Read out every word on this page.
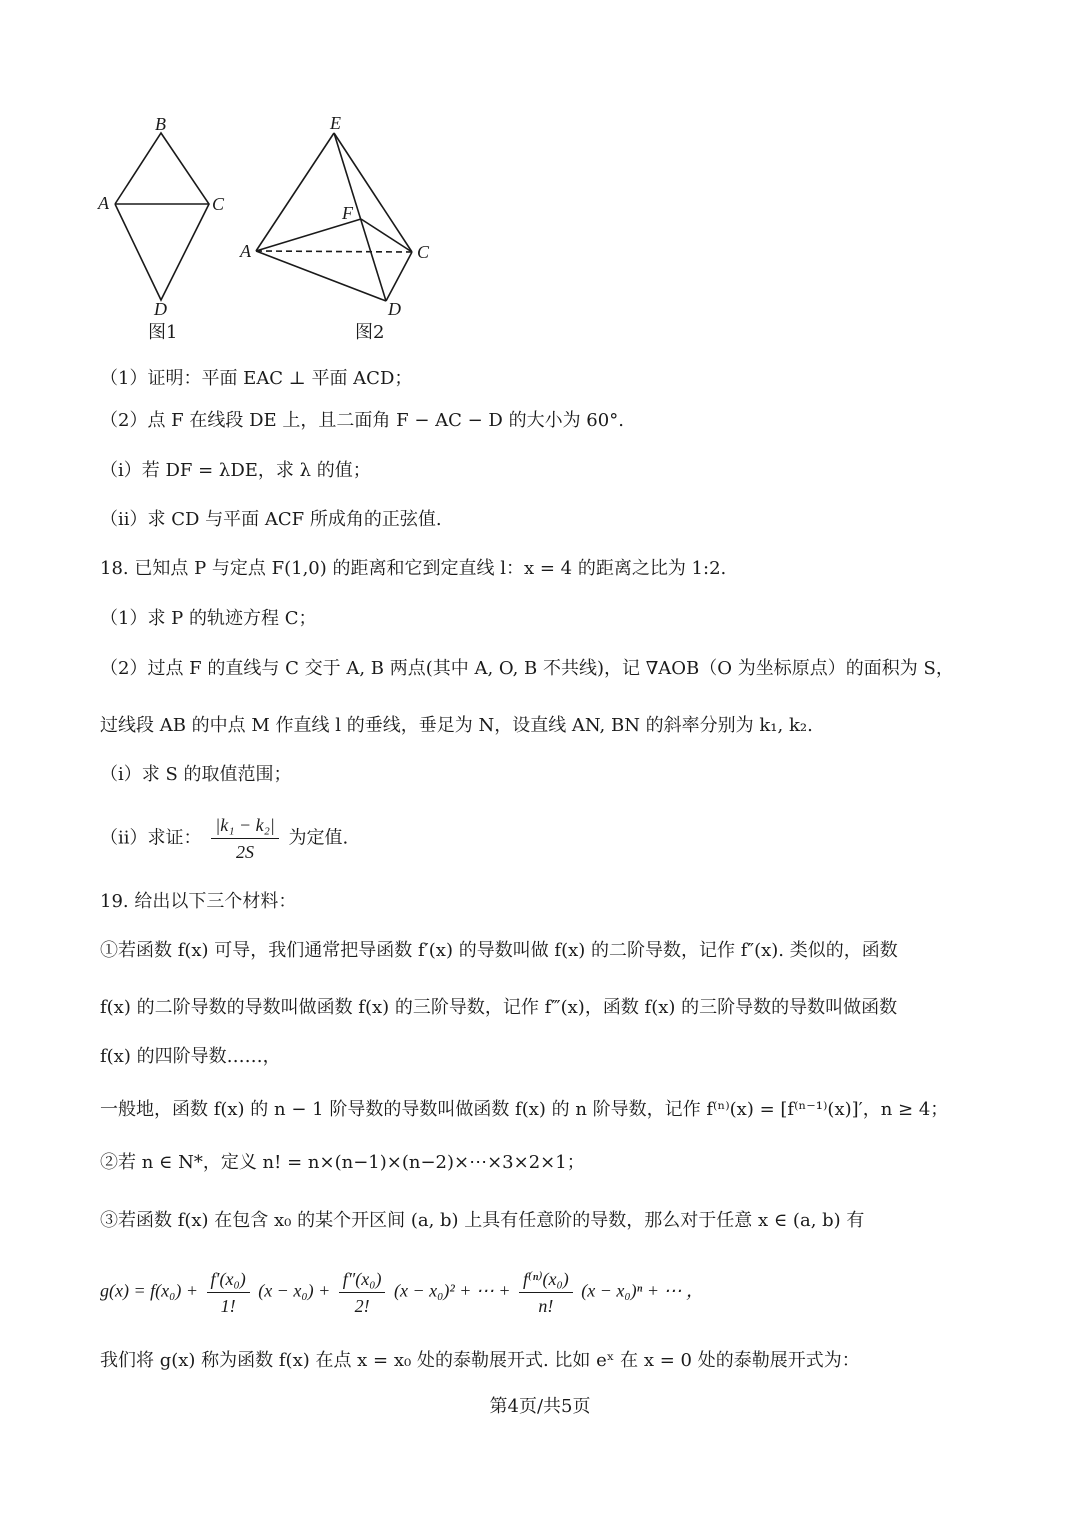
B
A	C
D
图1
E
F
A	C
D
图2
（1）证明：平面 EAC ⊥ 平面 ACD；
（2）点 F 在线段 DE 上，且二面角 F − AC − D 的大小为 60°.
（i）若 DF = λDE，求 λ 的值；
（ii）求 CD 与平面 ACF 所成角的正弦值.
18. 已知点 P 与定点 F(1,0) 的距离和它到定直线 l：x = 4 的距离之比为 1:2.
（1）求 P 的轨迹方程 C；
（2）过点 F 的直线与 C 交于 A, B 两点(其中 A, O, B 不共线)，记 ∇AOB（O 为坐标原点）的面积为 S，
过线段 AB 的中点 M 作直线 l 的垂线，垂足为 N，设直线 AN, BN 的斜率分别为 k₁, k₂.
（i）求 S 的取值范围；
（ii）求证： $\frac{\text{|k₁ − k₂|}}{2S}$ 为定值.
19. 给出以下三个材料：
①若函数 f(x) 可导，我们通常把导函数 f′(x) 的导数叫做 f(x) 的二阶导数，记作 f″(x). 类似的，函数
f(x) 的二阶导数的导数叫做函数 f(x) 的三阶导数，记作 f‴(x)，函数 f(x) 的三阶导数的导数叫做函数
f(x) 的四阶导数……，
一般地，函数 f(x) 的 n − 1 阶导数的导数叫做函数 f(x) 的 n 阶导数，记作 f⁽ⁿ⁾(x) = [f⁽ⁿ⁻¹⁾(x)]′，n ≥ 4；
②若 n ∈ N*，定义 n! = n×(n−1)×(n−2)×⋯×3×2×1；
③若函数 f(x) 在包含 x₀ 的某个开区间 (a, b) 上具有任意阶的导数，那么对于任意 x ∈ (a, b) 有
$g(x) = f(x_0) + \frac{\text{f′(x₀)}}{1!} (x - x_0) + \frac{\text{f″(x₀)}}{2!} (x - x_0)^2$ + ⋯ + $\frac{\text{f⁽ⁿ⁾(x₀)}}{n!} (x - x_0)^n$ + ⋯ ，
我们将 g(x) 称为函数 f(x) 在点 x = x₀ 处的泰勒展开式. 比如 eˣ 在 x = 0 处的泰勒展开式为：
第4页/共5页
